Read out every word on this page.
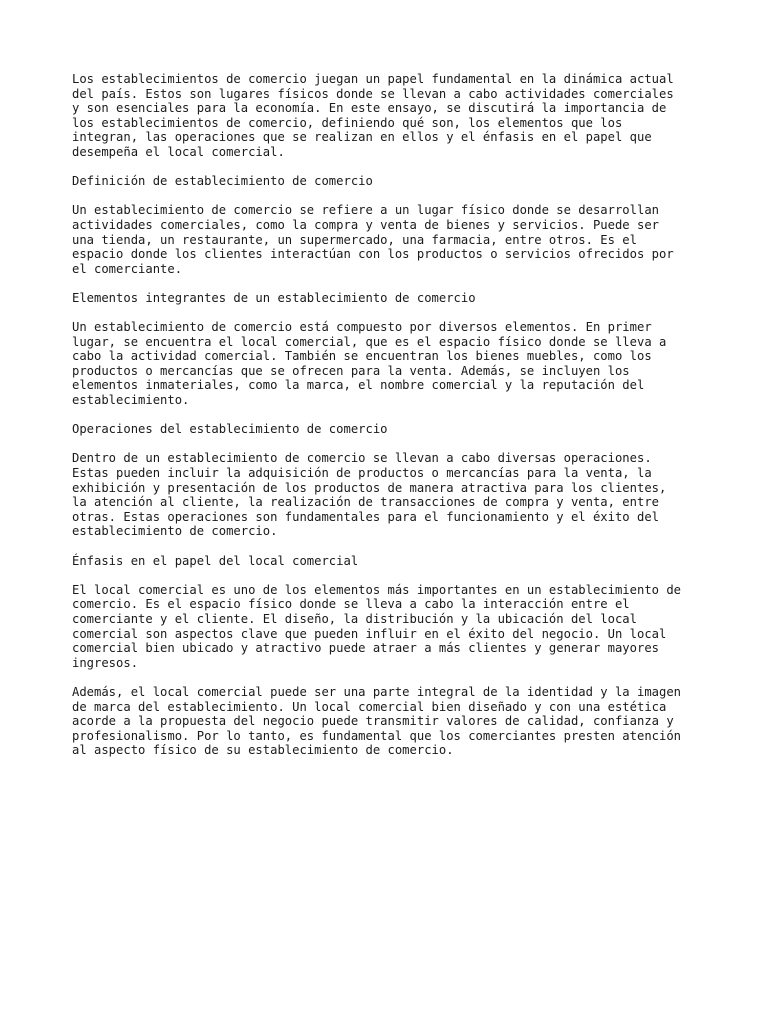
Los establecimientos de comercio juegan un papel fundamental en la dinámica actual
del país. Estos son lugares físicos donde se llevan a cabo actividades comerciales
y son esenciales para la economía. En este ensayo, se discutirá la importancia de
los establecimientos de comercio, definiendo qué son, los elementos que los
integran, las operaciones que se realizan en ellos y el énfasis en el papel que
desempeña el local comercial.

Definición de establecimiento de comercio

Un establecimiento de comercio se refiere a un lugar físico donde se desarrollan
actividades comerciales, como la compra y venta de bienes y servicios. Puede ser
una tienda, un restaurante, un supermercado, una farmacia, entre otros. Es el
espacio donde los clientes interactúan con los productos o servicios ofrecidos por
el comerciante.

Elementos integrantes de un establecimiento de comercio

Un establecimiento de comercio está compuesto por diversos elementos. En primer
lugar, se encuentra el local comercial, que es el espacio físico donde se lleva a
cabo la actividad comercial. También se encuentran los bienes muebles, como los
productos o mercancías que se ofrecen para la venta. Además, se incluyen los
elementos inmateriales, como la marca, el nombre comercial y la reputación del
establecimiento.

Operaciones del establecimiento de comercio

Dentro de un establecimiento de comercio se llevan a cabo diversas operaciones.
Estas pueden incluir la adquisición de productos o mercancías para la venta, la
exhibición y presentación de los productos de manera atractiva para los clientes,
la atención al cliente, la realización de transacciones de compra y venta, entre
otras. Estas operaciones son fundamentales para el funcionamiento y el éxito del
establecimiento de comercio.

Énfasis en el papel del local comercial

El local comercial es uno de los elementos más importantes en un establecimiento de
comercio. Es el espacio físico donde se lleva a cabo la interacción entre el
comerciante y el cliente. El diseño, la distribución y la ubicación del local
comercial son aspectos clave que pueden influir en el éxito del negocio. Un local
comercial bien ubicado y atractivo puede atraer a más clientes y generar mayores
ingresos.

Además, el local comercial puede ser una parte integral de la identidad y la imagen
de marca del establecimiento. Un local comercial bien diseñado y con una estética
acorde a la propuesta del negocio puede transmitir valores de calidad, confianza y
profesionalismo. Por lo tanto, es fundamental que los comerciantes presten atención
al aspecto físico de su establecimiento de comercio.
